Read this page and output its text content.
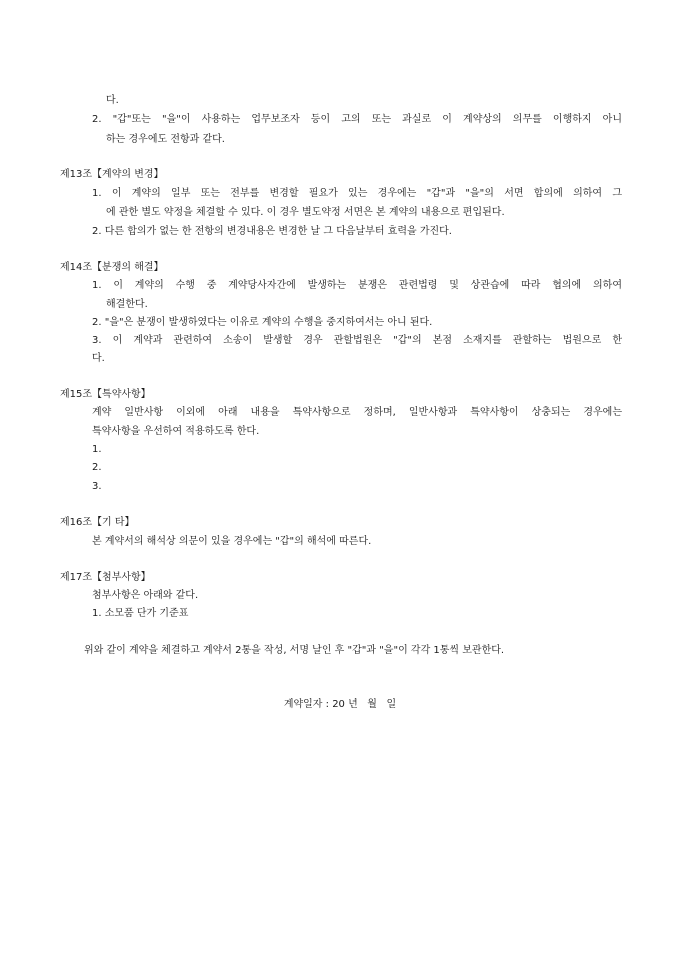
다.
2. "갑"또는 "을"이 사용하는 업무보조자 등이 고의 또는 과실로 이 계약상의 의무를 이행하지 아니
하는 경우에도 전항과 같다.
제13조【계약의 변경】
1. 이 계약의 일부 또는 전부를 변경할 필요가 있는 경우에는 "갑"과 "을"의 서면 합의에 의하여 그
에 관한 별도 약정을 체결할 수 있다. 이 경우 별도약정 서면은 본 계약의 내용으로 편입된다.
2. 다른 합의가 없는 한 전항의 변경내용은 변경한 날 그 다음날부터 효력을 가진다.
제14조【분쟁의 해결】
1. 이 계약의 수행 중 계약당사자간에 발생하는 분쟁은 관련법령 및 상관습에 따라 협의에 의하여
해결한다.
2. "을"은 분쟁이 발생하였다는 이유로 계약의 수행을 중지하여서는 아니 된다.
3. 이 계약과 관련하여 소송이 발생할 경우 관할법원은 "갑"의 본점 소재지를 관할하는 법원으로 한
다.
제15조【특약사항】
계약 일반사항 이외에 아래 내용을 특약사항으로 정하며, 일반사항과 특약사항이 상충되는 경우에는
특약사항을 우선하여 적용하도록 한다.
1.
2.
3.
제16조【기 타】
본 계약서의 해석상 의문이 있을 경우에는 "갑"의 해석에 따른다.
제17조【첨부사항】
첨부사항은 아래와 같다.
1. 소모품 단가 기준표
위와 같이 계약을 체결하고 계약서 2통을 작성, 서명 날인 후 "갑"과 "을"이 각각 1통씩 보관한다.
계약일자 : 20 년   월   일
